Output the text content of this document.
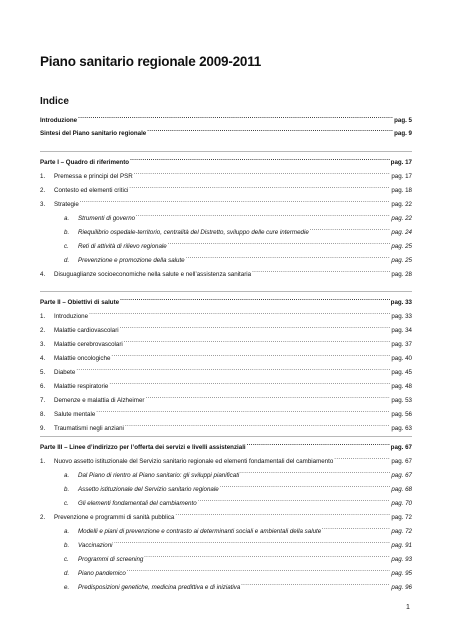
Piano sanitario regionale 2009-2011
Indice
Introduzione .....	pag. 5
Sintesi del Piano sanitario regionale .....	pag. 9
Parte I – Quadro di riferimento .....	pag. 17
1.	Premessa e principi del PSR .....	pag. 17
2.	Contesto ed elementi critici .....	pag. 18
3.	Strategie .....	pag. 22
a.	Strumenti di governo .....	pag. 22
b.	Riequilibrio ospedale-territorio, centralità del Distretto, sviluppo delle cure intermedie .....	pag. 24
c.	Reti di attività di rilievo regionale .....	pag. 25
d.	Prevenzione e promozione della salute .....	pag. 25
4.	Disuguaglianze socioeconomiche nella salute e nell’assistenza sanitaria .....	pag. 28
Parte II – Obiettivi di salute .....	pag. 33
1.	Introduzione .....	pag. 33
2.	Malattie cardiovascolari .....	pag. 34
3.	Malattie cerebrovascolari .....	pag. 37
4.	Malattie oncologiche .....	pag. 40
5.	Diabete .....	pag. 45
6.	Malattie respiratorie .....	pag. 48
7.	Demenze e malattia di Alzheimer .....	pag. 53
8.	Salute mentale .....	pag. 56
9.	Traumatismi negli anziani .....	pag. 63
Parte III – Linee d’indirizzo per l’offerta dei servizi e livelli assistenziali .....	pag. 67
1.	Nuovo assetto istituzionale del Servizio sanitario regionale ed elementi fondamentali del cambiamento .....	pag. 67
a.	Dal Piano di rientro al Piano sanitario: gli sviluppi pianificati .....	pag. 67
b.	Assetto istituzionale del Servizio sanitario regionale .....	pag. 68
c.	Gli elementi fondamentali del cambiamento .....	pag. 70
2.	Prevenzione e programmi di sanità pubblica .....	pag. 72
a.	Modelli e piani di prevenzione e contrasto ai determinanti sociali e ambientali della salute .....	pag. 72
b.	Vaccinazioni .....	pag. 91
c.	Programmi di screening .....	pag. 93
d.	Piano pandemico .....	pag. 95
e.	Predisposizioni genetiche, medicina predittiva e di iniziativa .....	pag. 96
1
